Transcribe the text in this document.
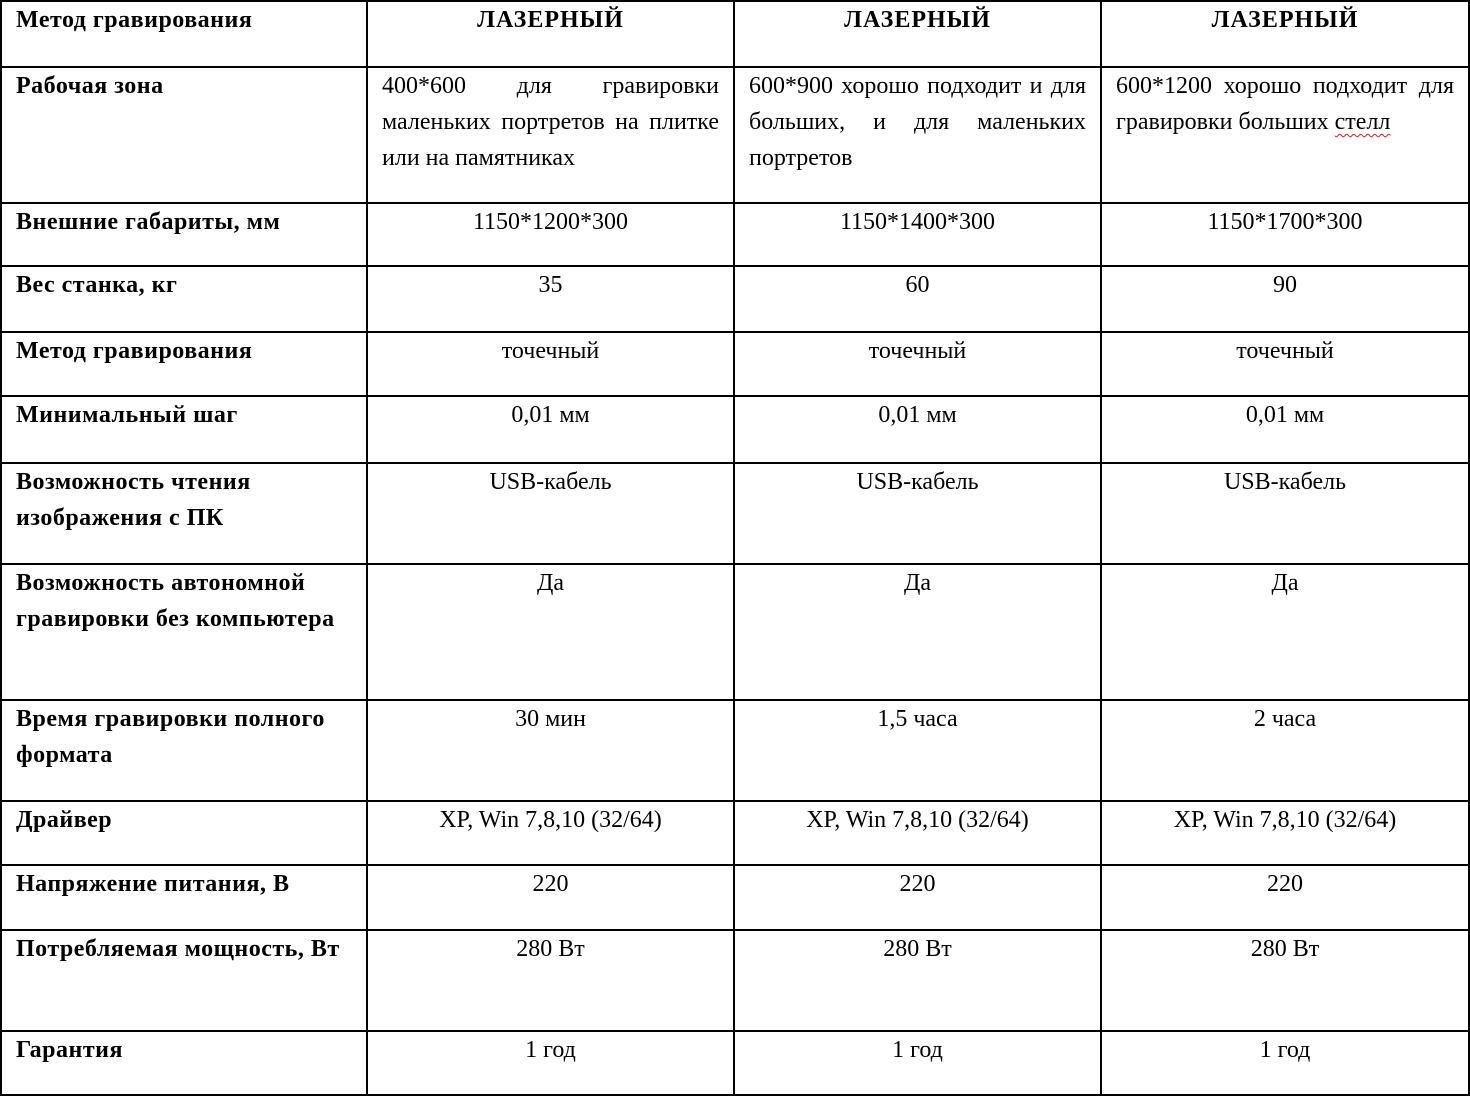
Метод гравирования	ЛАЗЕРНЫЙ	ЛАЗЕРНЫЙ	ЛАЗЕРНЫЙ
Рабочая зона	400*600 для гравировки маленьких портретов на плитке или на памятниках	600*900 хорошо подходит и для больших, и для маленьких портретов	600*1200 хорошо подходит для гравировки больших стелл
Внешние габариты, мм	1150*1200*300	1150*1400*300	1150*1700*300
Вес станка, кг	35	60	90
Метод гравирования	точечный	точечный	точечный
Минимальный шаг	0,01 мм	0,01 мм	0,01 мм
Возможность чтения изображения с ПК	USB-кабель	USB-кабель	USB-кабель
Возможность автономной гравировки без компьютера	Да	Да	Да
Время гравировки полного формата	30 мин	1,5 часа	2 часа
Драйвер	XP, Win 7,8,10 (32/64)	XP, Win 7,8,10 (32/64)	XP, Win 7,8,10 (32/64)
Напряжение питания, В	220	220	220
Потребляемая мощность, Вт	280 Вт	280 Вт	280 Вт
Гарантия	1 год	1 год	1 год
